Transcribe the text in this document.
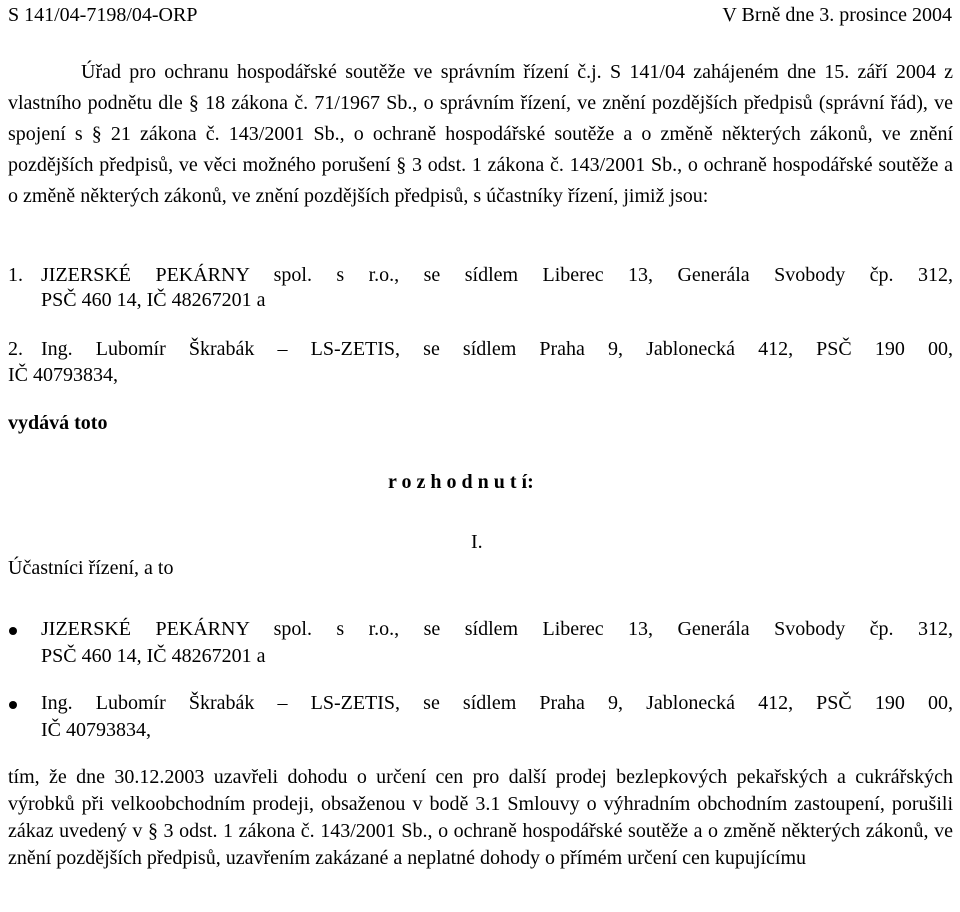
S 141/04-7198/04-ORP	V Brně dne 3. prosince 2004
Úřad pro ochranu hospodářské soutěže ve správním řízení č.j. S 141/04 zahájeném dne 15. září 2004 z vlastního podnětu dle § 18 zákona č. 71/1967 Sb., o správním řízení, ve znění pozdějších předpisů (správní řád), ve spojení s § 21 zákona č. 143/2001 Sb., o ochraně hospodářské soutěže a o změně některých zákonů, ve znění pozdějších předpisů, ve věci možného porušení § 3 odst. 1 zákona č. 143/2001 Sb., o ochraně hospodářské soutěže a o změně některých zákonů, ve znění pozdějších předpisů, s účastníky řízení, jimiž jsou:
1. JIZERSKÉ PEKÁRNY spol. s r.o., se sídlem Liberec 13, Generála Svobody čp. 312,
PSČ 460 14, IČ 48267201 a
2. Ing. Lubomír Škrabák – LS-ZETIS, se sídlem Praha 9, Jablonecká 412, PSČ 190 00,
IČ 40793834,
vydává toto
r o z h o d n u t í:
I.
Účastníci řízení, a to
JIZERSKÉ PEKÁRNY spol. s r.o., se sídlem Liberec 13, Generála Svobody čp. 312,
PSČ 460 14, IČ 48267201 a
Ing. Lubomír Škrabák – LS-ZETIS, se sídlem Praha 9, Jablonecká 412, PSČ 190 00,
IČ 40793834,
tím, že dne 30.12.2003 uzavřeli dohodu o určení cen pro další prodej bezlepkových pekařských a cukrářských výrobků při velkoobchodním prodeji, obsaženou v bodě 3.1 Smlouvy o výhradním obchodním zastoupení, porušili zákaz uvedený v § 3 odst. 1 zákona č. 143/2001 Sb., o ochraně hospodářské soutěže a o změně některých zákonů, ve znění pozdějších předpisů, uzavřením zakázané a neplatné dohody o přímém určení cen kupujícímu
